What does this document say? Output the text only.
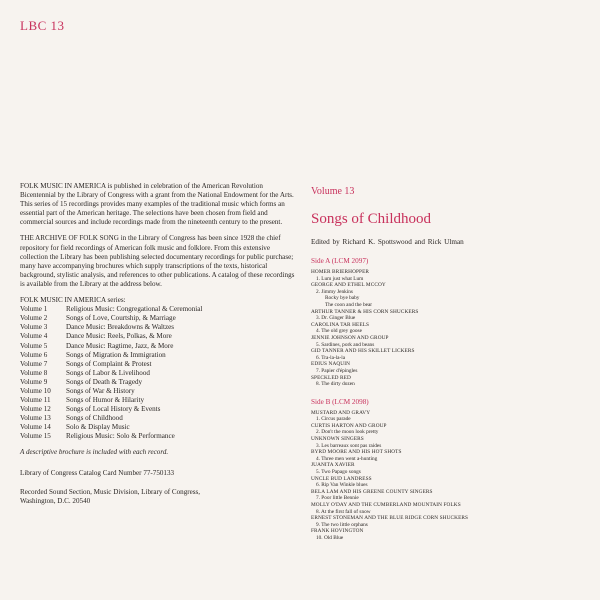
LBC 13

FOLK MUSIC IN AMERICA is published in celebration of the American Revolution Bicentennial by the Library of Congress with a grant from the National Endowment for the Arts. This series of 15 recordings provides many examples of the traditional music which forms an essential part of the American heritage. The selections have been chosen from field and commercial sources and include recordings made from the nineteenth century to the present.

THE ARCHIVE OF FOLK SONG in the Library of Congress has been since 1928 the chief repository for field recordings of American folk music and folklore. From this extensive collection the Library has been publishing selected documentary recordings for public purchase; many have accompanying brochures which supply transcriptions of the texts, historical background, stylistic analysis, and references to other publications. A catalog of these recordings is available from the Library at the address below.

FOLK MUSIC IN AMERICA series:
Volume 1	Religious Music: Congregational & Ceremonial
Volume 2	Songs of Love, Courtship, & Marriage
Volume 3	Dance Music: Breakdowns & Waltzes
Volume 4	Dance Music: Reels, Polkas, & More
Volume 5	Dance Music: Ragtime, Jazz, & More
Volume 6	Songs of Migration & Immigration
Volume 7	Songs of Complaint & Protest
Volume 8	Songs of Labor & Livelihood
Volume 9	Songs of Death & Tragedy
Volume 10	Songs of War & History
Volume 11	Songs of Humor & Hilarity
Volume 12	Songs of Local History & Events
Volume 13	Songs of Childhood
Volume 14	Solo & Display Music
Volume 15	Religious Music: Solo & Performance
A descriptive brochure is included with each record.
Library of Congress Catalog Card Number 77-750133
Recorded Sound Section, Music Division, Library of Congress,
Washington, D.C. 20540
Volume 13
Songs of Childhood
Edited by Richard K. Spottswood and Rick Ulman
Side A (LCM 2097)
HOMER BRIERHOPPER
1. Lum just what Lum
GEORGE AND ETHEL MCCOY
2. Jimmy Jenkins
Rocky bye baby
The coon and the bear
ARTHUR TANNER & HIS CORN SHUCKERS
3. Dr. Ginger Blue
CAROLINA TAR HEELS
4. The old grey goose
JENNIE JOHNSON AND GROUP
5. Sardines, pork and beans
GID TANNER AND HIS SKILLET LICKERS
6. Tra-la-la-la
EDIUS NAQUIN
7. Papier d'épingles
SPECKLED RED
8. The dirty dozen
Side B (LCM 2098)
MUSTARD AND GRAVY
1. Circus parade
CURTIS HARTON AND GROUP
2. Don't the moon look pretty
UNKNOWN SINGERS
3. Les barreaux sont pas raides
BYRD MOORE AND HIS HOT SHOTS
4. Three men went a-hunting
JUANITA XAVIER
5. Two Papago songs
UNCLE BUD LANDRESS
6. Rip Van Winkle blues
BELA LAM AND HIS GREENE COUNTY SINGERS
7. Poor little Bennie
MOLLY O'DAY AND THE CUMBERLAND MOUNTAIN FOLKS
8. At the first fall of snow
ERNEST STONEMAN AND THE BLUE RIDGE CORN SHUCKERS
9. The two little orphans
FRANK HOVINGTON
10. Old Blue
